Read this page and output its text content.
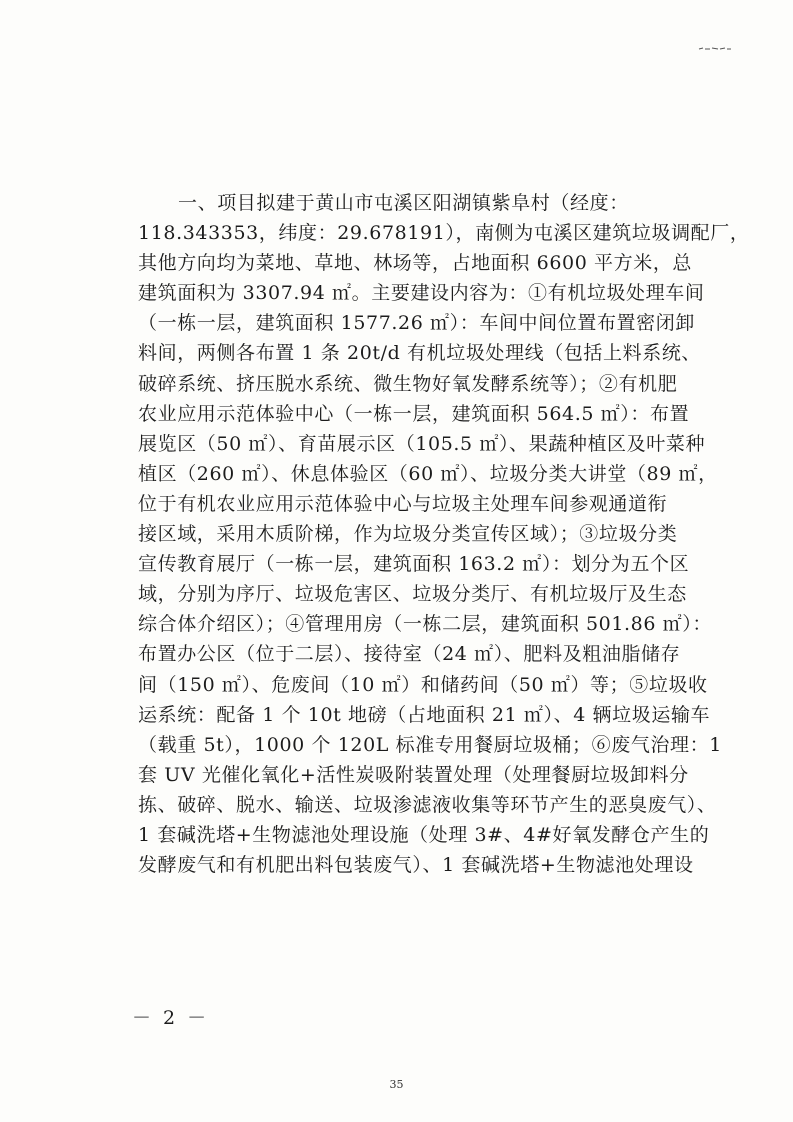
一、项目拟建于黄山市屯溪区阳湖镇紫阜村（经度：
118.343353，纬度：29.678191），南侧为屯溪区建筑垃圾调配厂，
其他方向均为菜地、草地、林场等，占地面积 6600 平方米，总
建筑面积为 3307.94 ㎡。主要建设内容为：①有机垃圾处理车间
（一栋一层，建筑面积 1577.26 ㎡）：车间中间位置布置密闭卸
料间，两侧各布置 1 条 20t/d 有机垃圾处理线（包括上料系统、
破碎系统、挤压脱水系统、微生物好氧发酵系统等）；②有机肥
农业应用示范体验中心（一栋一层，建筑面积 564.5 ㎡）：布置
展览区（50 ㎡）、育苗展示区（105.5 ㎡）、果蔬种植区及叶菜种
植区（260 ㎡）、休息体验区（60 ㎡）、垃圾分类大讲堂（89 ㎡，
位于有机农业应用示范体验中心与垃圾主处理车间参观通道衔
接区域，采用木质阶梯，作为垃圾分类宣传区域）；③垃圾分类
宣传教育展厅（一栋一层，建筑面积 163.2 ㎡）：划分为五个区
域，分别为序厅、垃圾危害区、垃圾分类厅、有机垃圾厅及生态
综合体介绍区）；④管理用房（一栋二层，建筑面积 501.86 ㎡）：
布置办公区（位于二层）、接待室（24 ㎡）、肥料及粗油脂储存
间（150 ㎡）、危废间（10 ㎡）和储药间（50 ㎡）等；⑤垃圾收
运系统：配备 1 个 10t 地磅（占地面积 21 ㎡）、4 辆垃圾运输车
（载重 5t），1000 个 120L 标准专用餐厨垃圾桶；⑥废气治理：1
套 UV 光催化氧化+活性炭吸附装置处理（处理餐厨垃圾卸料分
拣、破碎、脱水、输送、垃圾渗滤液收集等环节产生的恶臭废气）、
1 套碱洗塔+生物滤池处理设施（处理 3#、4#好氧发酵仓产生的
发酵废气和有机肥出料包装废气）、1 套碱洗塔+生物滤池处理设
－ 2 －
35
